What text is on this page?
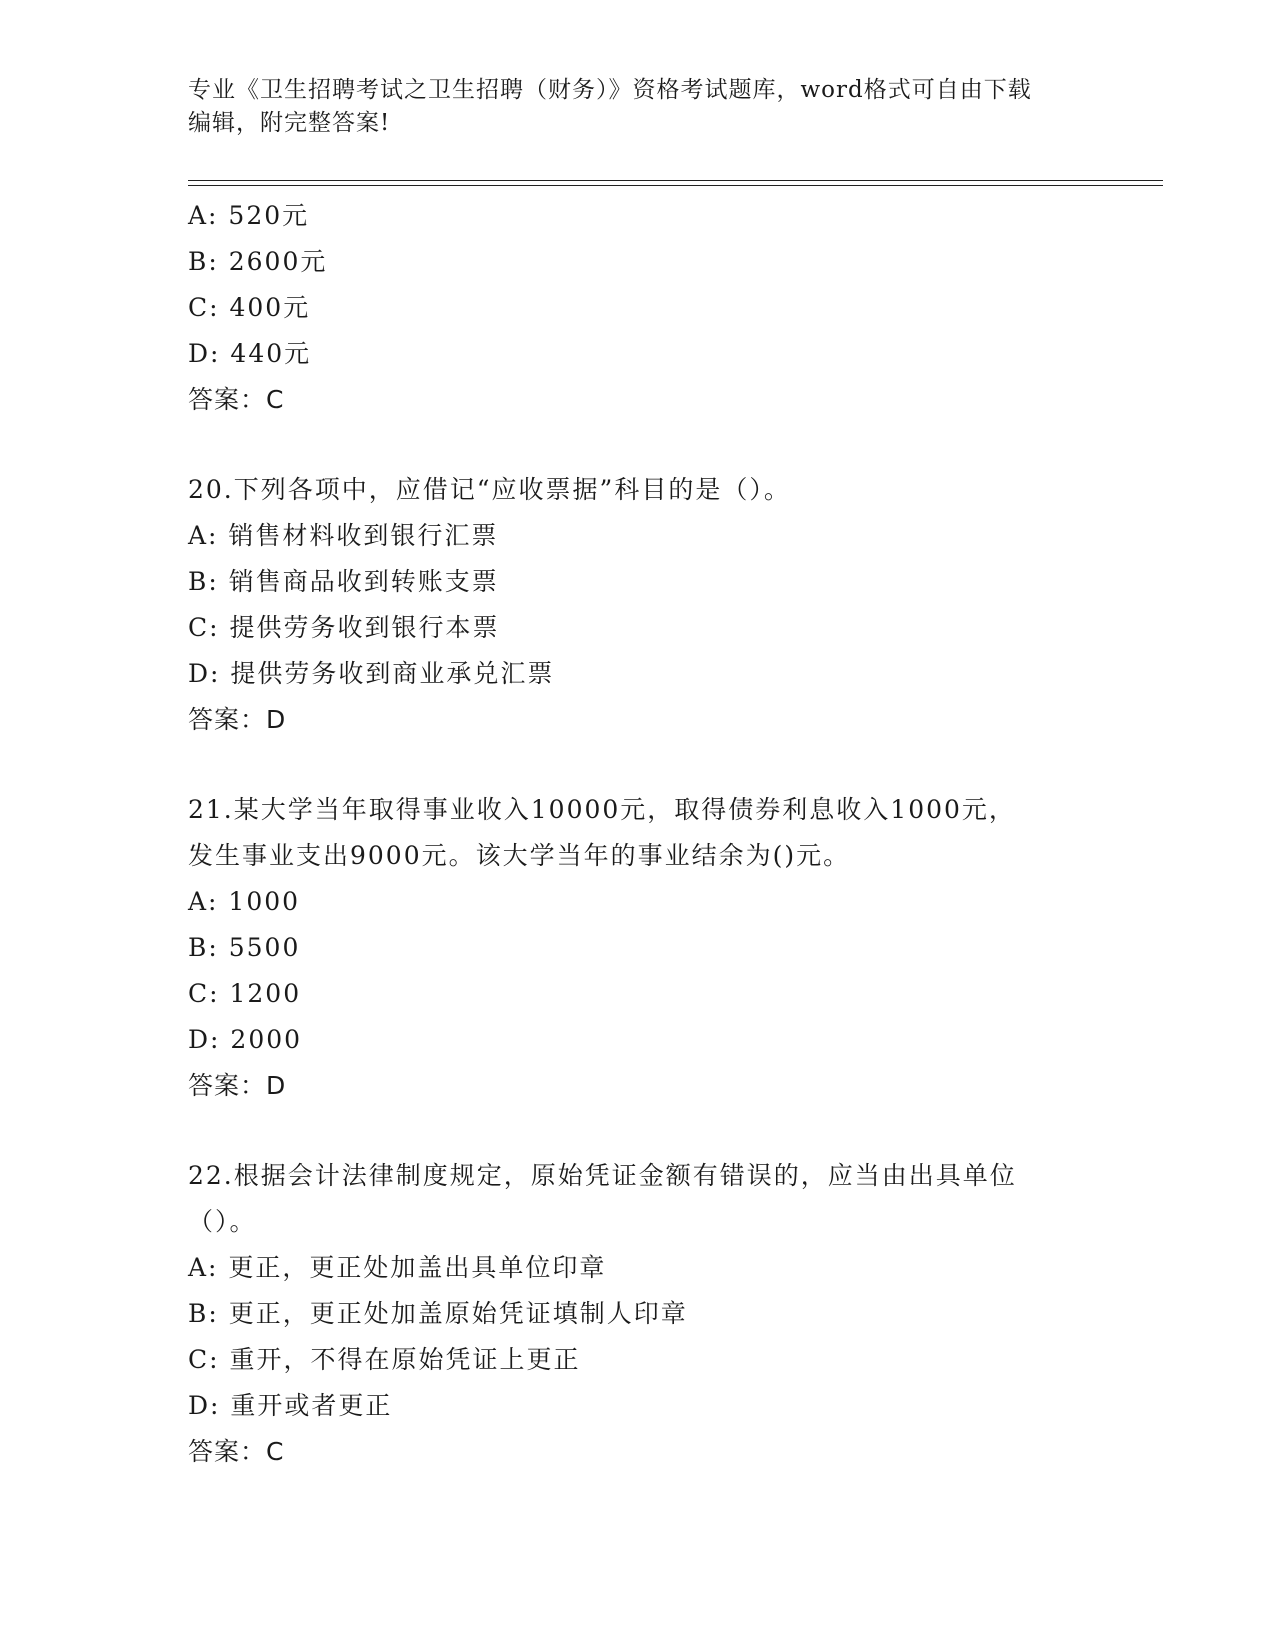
专业《卫生招聘考试之卫生招聘（财务）》资格考试题库，word格式可自由下载
编辑，附完整答案!
A: 520元
B: 2600元
C: 400元
D: 440元
答案：C
20.下列各项中，应借记“应收票据”科目的是（）。
A: 销售材料收到银行汇票
B: 销售商品收到转账支票
C: 提供劳务收到银行本票
D: 提供劳务收到商业承兑汇票
答案：D
21.某大学当年取得事业收入10000元，取得债券利息收入1000元，
发生事业支出9000元。该大学当年的事业结余为()元。
A: 1000
B: 5500
C: 1200
D: 2000
答案：D
22.根据会计法律制度规定，原始凭证金额有错误的，应当由出具单位
（）。
A: 更正，更正处加盖出具单位印章
B: 更正，更正处加盖原始凭证填制人印章
C: 重开，不得在原始凭证上更正
D: 重开或者更正
答案：C
